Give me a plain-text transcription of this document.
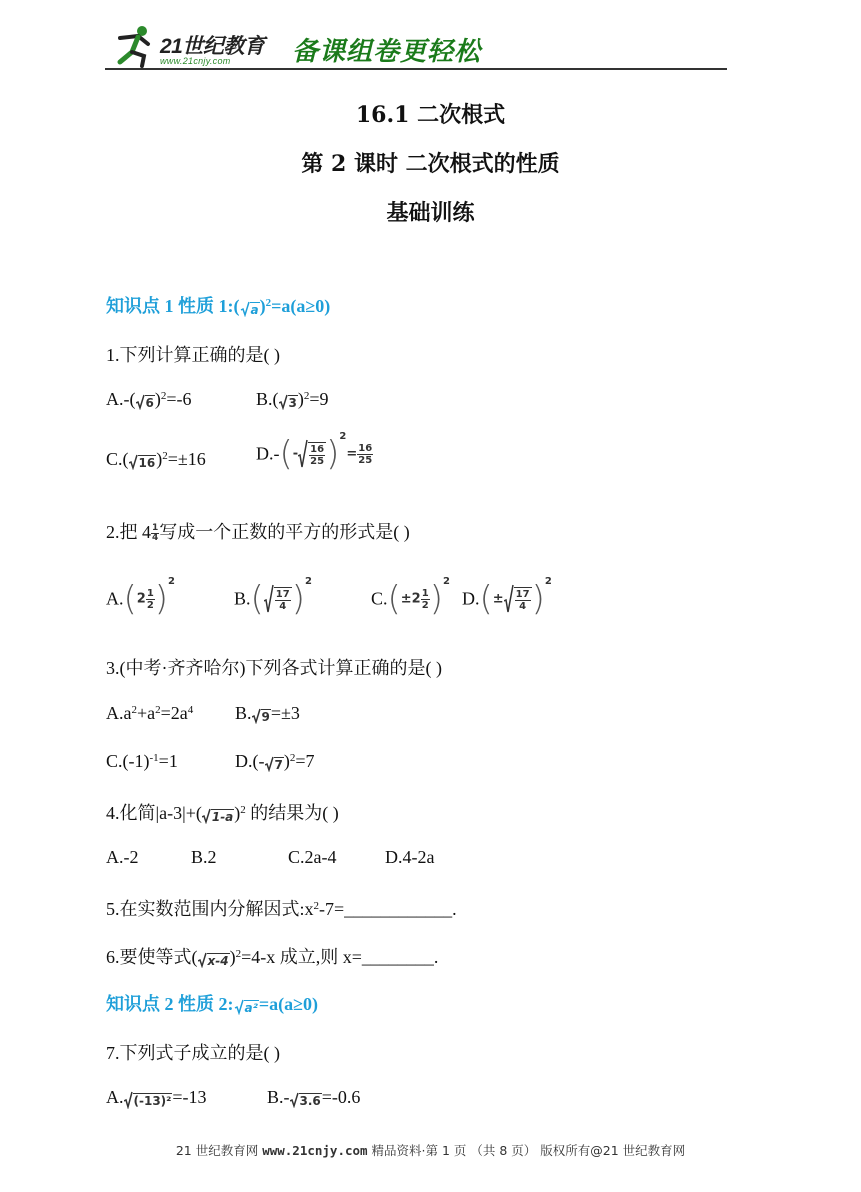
21世纪教育
www.21cnjy.com 备课组卷更轻松
16.1 二次根式
第 2 课时 二次根式的性质
基础训练
知识点 1 性质 1:( a)$^2$=a(a≥0)
1.下列计算正确的是( )
A.-( 6)$^2$=-6	B.( 3)$^2$=9
C.( 16)$^2$=±16	$D.-(- \frac{16}{25} )2= \frac{16}{25}$
2.把 $4 \frac{1}{4}$ 写成一个正数的平方的形式是( )
$A.(2 \frac{1}{2} )2$
$B.( \frac{17}{4} )2$
$C.(\pm 2 \frac{1}{2} )2$
$D.(\pm \frac{17}{4} )2$
3.(中考·齐齐哈尔)下列各式计算正确的是( )
$A.a^2+a^2=2a^4$ B. 9=±3
$C.(-1)^{-1}=1$	D.(- 7)$^2$=7
4.化简|a-3|+( 1-a)$^2$ 的结果为( )
A.-2	B.2	C.2a-4	D.4-2a
5.在实数范围内分解因式$:x^2-7=\_\_\_\_\_\_\_\_\_\_\_\_$.
6.要使等式( x-4)$^2$=4-x 成立,则 x=________.
知识点 2 性质 2: a²=a(a≥0)
7.下列式子成立的是( )
A. (-13)²=-13	B.- 3.6=-0.6
21 世纪教育网 www.21cnjy.com 精品资料·第 1 页 （共 8 页） 版权所有@21 世纪教育网
